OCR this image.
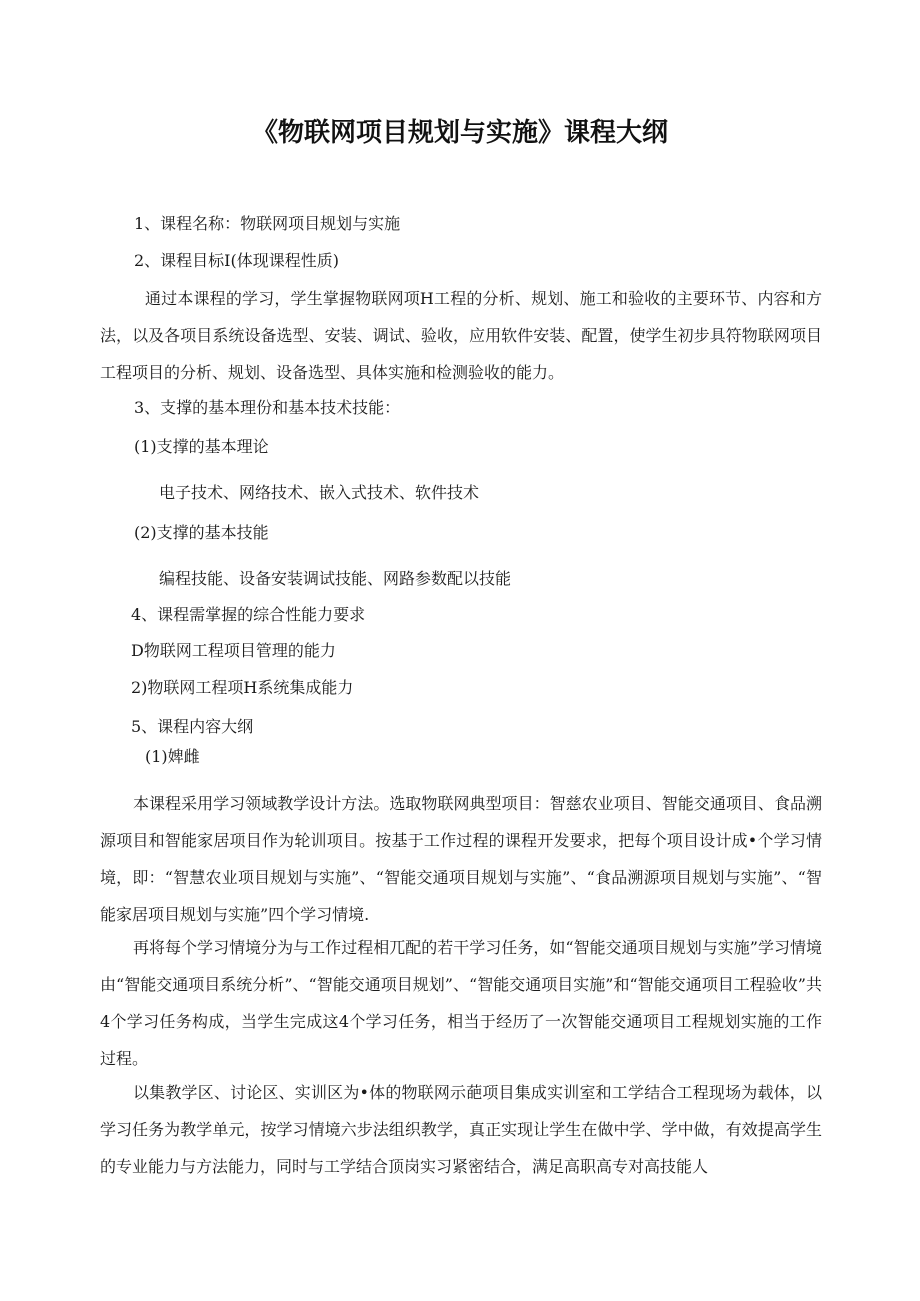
《物联网项目规划与实施》课程大纲
1、课程名称：物联网项目规划与实施
2、课程目标I(体现课程性质)
通过本课程的学习，学生掌握物联网项H工程的分析、规划、施工和验收的主要环节、内容和方法，以及各项目系统设备选型、安装、调试、验收，应用软件安装、配置，使学生初步具符物联网项目工程项目的分析、规划、设备选型、具体实施和检测验收的能力。
3、支撑的基本理份和基本技术技能：
(1)支撑的基本理论
电子技术、网络技术、嵌入式技术、软件技术
(2)支撑的基本技能
编程技能、设备安装调试技能、网路参数配以技能
4、课程需掌握的综合性能力要求
D物联网工程项目管理的能力
2)物联网工程项H系统集成能力
5、课程内容大纲
(1)婢雌
本课程采用学习领域教学设计方法。选取物联网典型项目：智慈农业项目、智能交通项目、食品溯源项目和智能家居项目作为轮训项目。按基于工作过程的课程开发要求，把每个项目设计成•个学习情境，即：“智慧农业项目规划与实施”、“智能交通项目规划与实施”、“食品溯源项目规划与实施”、“智能家居项目规划与实施”四个学习情境.
再将每个学习情境分为与工作过程相兀配的若干学习任务，如“智能交通项目规划与实施”学习情境由“智能交通项目系统分析”、“智能交通项目规划”、“智能交通项目实施”和“智能交通项目工程验收”共4个学习任务构成，当学生完成这4个学习任务，相当于经历了一次智能交通项目工程规划实施的工作过程。
以集教学区、讨论区、实训区为•体的物联网示葩项目集成实训室和工学结合工程现场为载体，以学习任务为教学单元，按学习情境六步法组织教学，真正实现让学生在做中学、学中做，有效提高学生的专业能力与方法能力，同时与工学结合顶岗实习紧密结合，满足高职高专对高技能人
